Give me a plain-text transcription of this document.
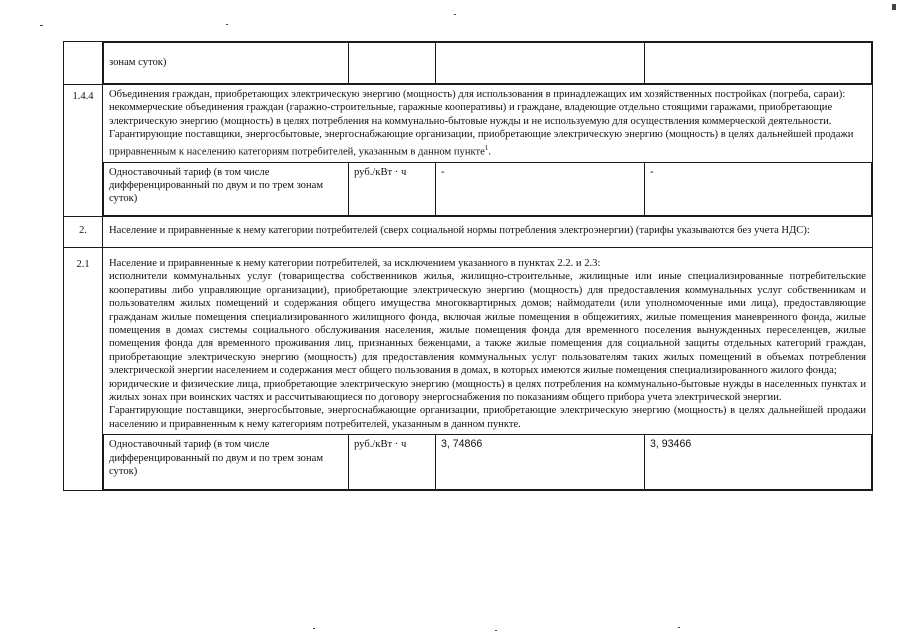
зонам суток)			

1.4.4	Объединения граждан, приобретающих электрическую энергию (мощность) для использования в принадлежащих им хозяйственных постройках (погреба, сараи): некоммерческие объединения граждан (гаражно-строительные, гаражные кооперативы) и граждане, владеющие отдельно стоящими гаражами, приобретающие электрическую энергию (мощность) в целях потребления на коммунально-бытовые нужды и не используемую для осуществления коммерческой деятельности.

Гарантирующие поставщики, энергосбытовые, энергоснабжающие организации, приобретающие электрическую энергию (мощность) в целях дальнейшей продажи приравненным к населению категориям потребителей, указанным в данном пункте$^1$.

Одноставочный тариф (в том числе дифференцированный по двум и по трем зонам суток)	руб./кВт · ч	-	-

2.	Население и приравненные к нему категории потребителей (сверх социальной нормы потребления электроэнергии) (тарифы указываются без учета НДС):

2.1	Население и приравненные к нему категории потребителей, за исключением указанного в пунктах 2.2. и 2.3:

исполнители коммунальных услуг (товарищества собственников жилья, жилищно-строительные, жилищные или иные специализированные потребительские кооперативы либо управляющие организации), приобретающие электрическую энергию (мощность) для предоставления коммунальных услуг собственникам и пользователям жилых помещений и содержания общего имущества многоквартирных домов; наймодатели (или уполномоченные ими лица), предоставляющие гражданам жилые помещения специализированного жилищного фонда, включая жилые помещения в общежитиях, жилые помещения маневренного фонда, жилые помещения в домах системы социального обслуживания населения, жилые помещения фонда для временного поселения вынужденных переселенцев, жилые помещения фонда для временного проживания лиц, признанных беженцами, а также жилые помещения для социальной защиты отдельных категорий граждан, приобретающие электрическую энергию (мощность) для предоставления коммунальных услуг пользователям таких жилых помещений в объемах потребления электрической энергии населением и содержания мест общего пользования в домах, в которых имеются жилые помещения специализированного жилого фонда;

юридические и физические лица, приобретающие электрическую энергию (мощность) в целях потребления на коммунально-бытовые нужды в населенных пунктах и жилых зонах при воинских частях и рассчитывающиеся по договору энергоснабжения по показаниям общего прибора учета электрической энергии.

Гарантирующие поставщики, энергосбытовые, энергоснабжающие организации, приобретающие электрическую энергию (мощность) в целях дальнейшей продажи населению и приравненным к нему категориям потребителей, указанным в данном пункте.

Одноставочный тариф (в том числе дифференцированный по двум и по трем зонам суток)	руб./кВт · ч	3, 74866	3, 93466
